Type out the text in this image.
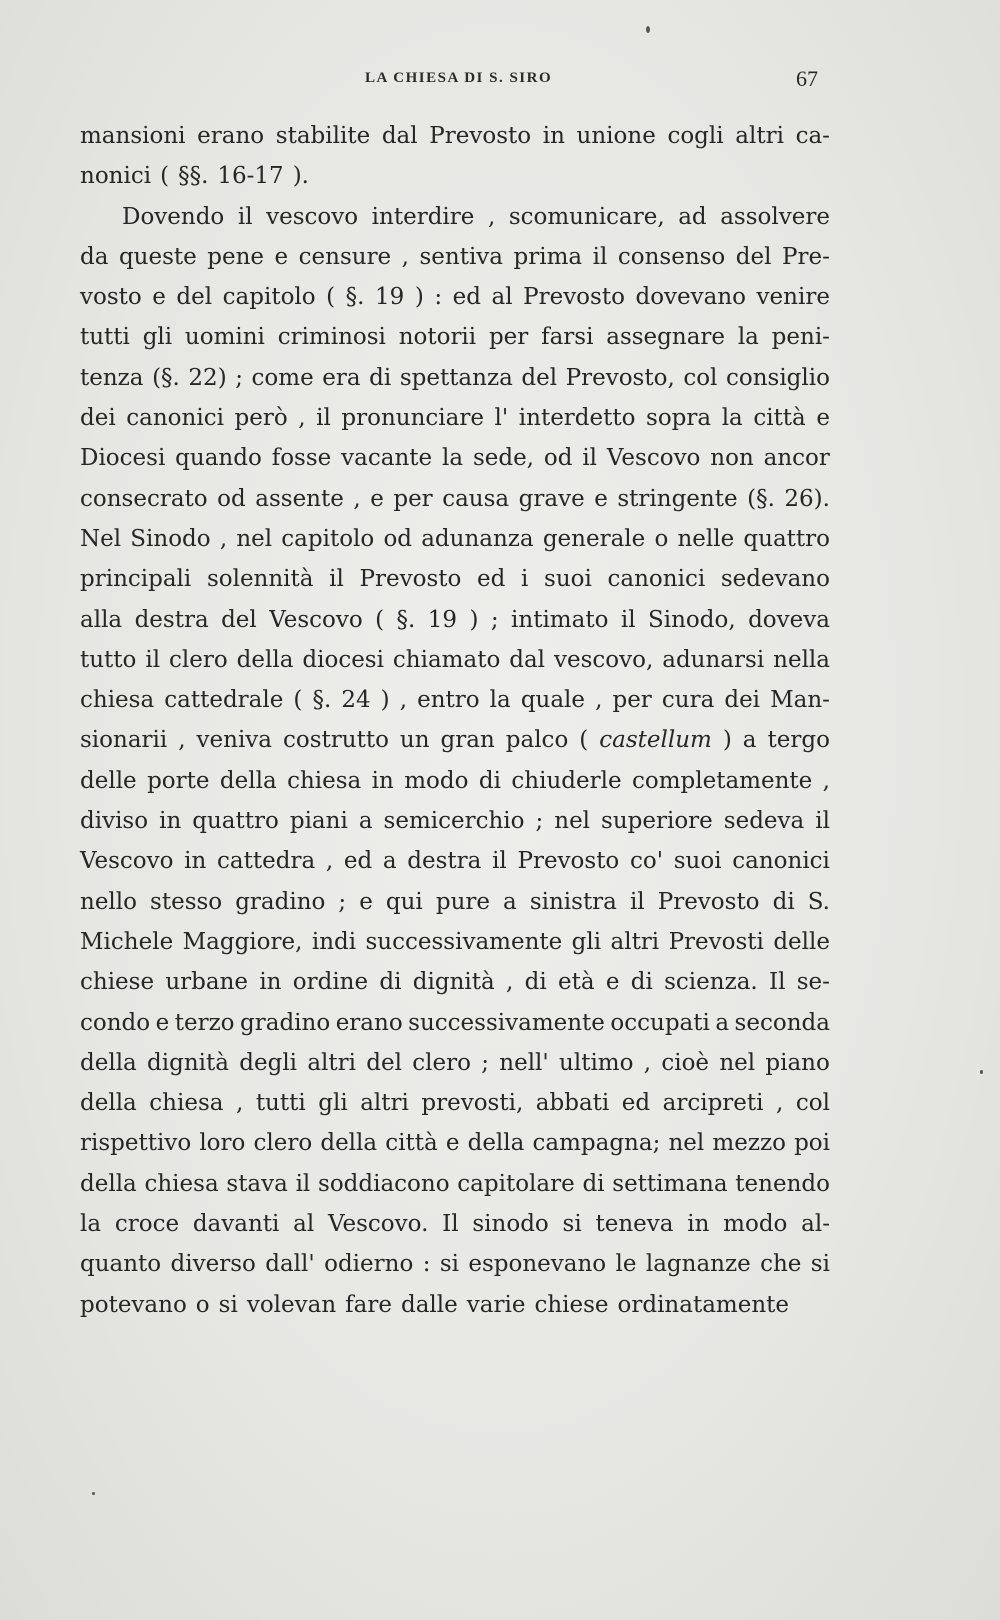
LA CHIESA DI S. SIRO	67
mansioni erano stabilite dal Prevosto in unione cogli altri ca-
nonici ( §§. 16-17 ).
Dovendo il vescovo interdire , scomunicare, ad assolvere
da queste pene e censure , sentiva prima il consenso del Pre-
vosto e del capitolo ( §. 19 ) : ed al Prevosto dovevano venire
tutti gli uomini criminosi notorii per farsi assegnare la peni-
tenza (§. 22) ; come era di spettanza del Prevosto, col consiglio
dei canonici però , il pronunciare l' interdetto sopra la città e
Diocesi quando fosse vacante la sede, od il Vescovo non ancor
consecrato od assente , e per causa grave e stringente (§. 26).
Nel Sinodo , nel capitolo od adunanza generale o nelle quattro
principali solennità il Prevosto ed i suoi canonici sedevano
alla destra del Vescovo ( §. 19 ) ; intimato il Sinodo, doveva
tutto il clero della diocesi chiamato dal vescovo, adunarsi nella
chiesa cattedrale ( §. 24 ) , entro la quale , per cura dei Man-
sionarii , veniva costrutto un gran palco ( castellum ) a tergo
delle porte della chiesa in modo di chiuderle completamente ,
diviso in quattro piani a semicerchio ; nel superiore sedeva il
Vescovo in cattedra , ed a destra il Prevosto co' suoi canonici
nello stesso gradino ; e qui pure a sinistra il Prevosto di S.
Michele Maggiore, indi successivamente gli altri Prevosti delle
chiese urbane in ordine di dignità , di età e di scienza. Il se-
condo e terzo gradino erano successivamente occupati a seconda
della dignità degli altri del clero ; nell' ultimo , cioè nel piano
della chiesa , tutti gli altri prevosti, abbati ed arcipreti , col
rispettivo loro clero della città e della campagna; nel mezzo poi
della chiesa stava il soddiacono capitolare di settimana tenendo
la croce davanti al Vescovo. Il sinodo si teneva in modo al-
quanto diverso dall' odierno : si esponevano le lagnanze che si
potevano o si volevan fare dalle varie chiese ordinatamente
